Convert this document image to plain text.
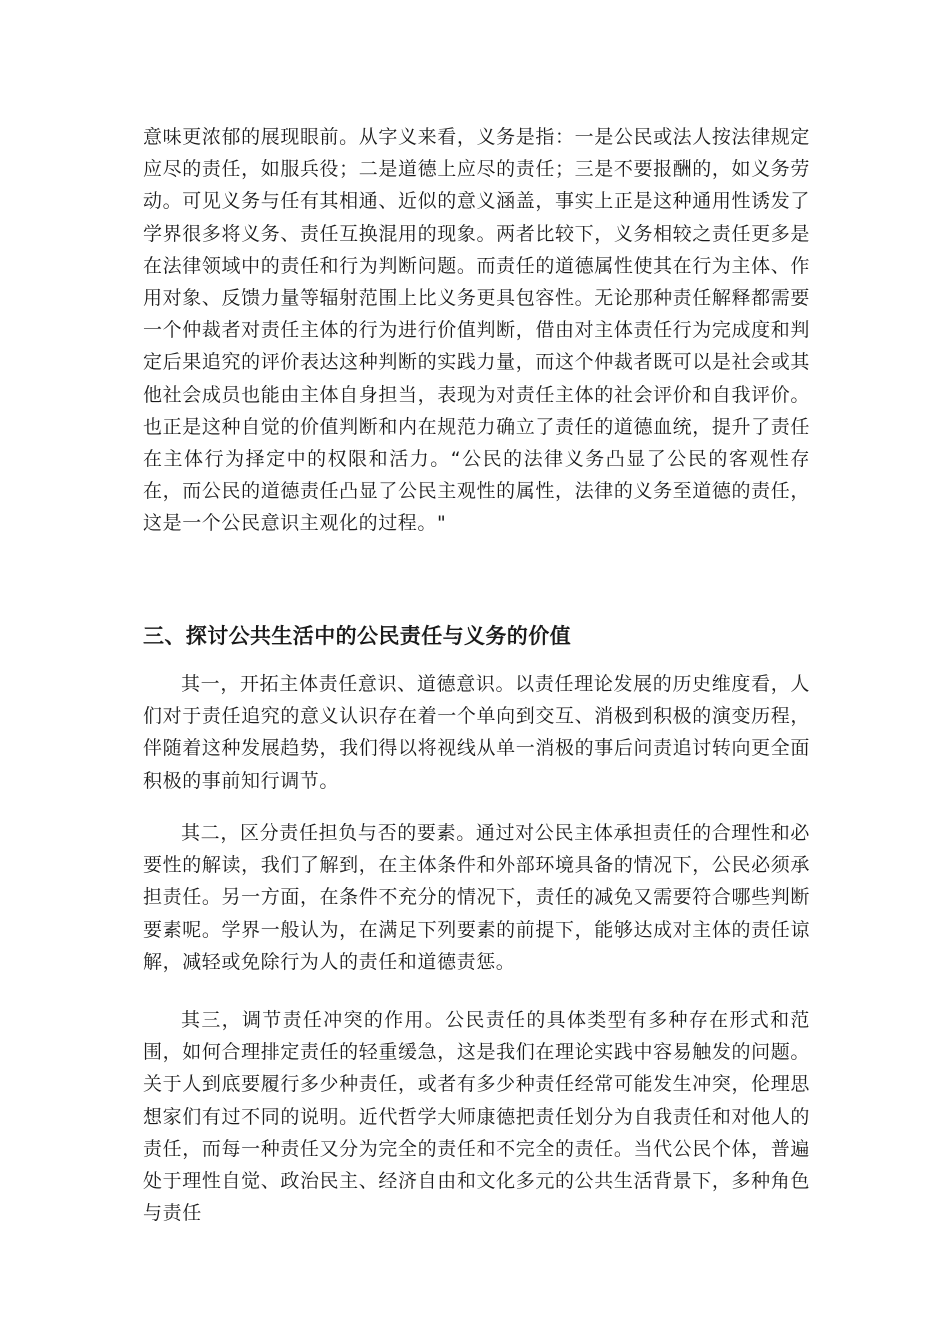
意味更浓郁的展现眼前。从字义来看，义务是指：一是公民或法人按法律规定应尽的责任，如服兵役；二是道德上应尽的责任；三是不要报酬的，如义务劳动。可见义务与任有其相通、近似的意义涵盖，事实上正是这种通用性诱发了学界很多将义务、责任互换混用的现象。两者比较下，义务相较之责任更多是在法律领域中的责任和行为判断问题。而责任的道德属性使其在行为主体、作用对象、反馈力量等辐射范围上比义务更具包容性。无论那种责任解释都需要一个仲裁者对责任主体的行为进行价值判断，借由对主体责任行为完成度和判定后果追究的评价表达这种判断的实践力量，而这个仲裁者既可以是社会或其他社会成员也能由主体自身担当，表现为对责任主体的社会评价和自我评价。也正是这种自觉的价值判断和内在规范力确立了责任的道德血统，提升了责任在主体行为择定中的权限和活力。“公民的法律义务凸显了公民的客观性存在，而公民的道德责任凸显了公民主观性的属性，法律的义务至道德的责任，这是一个公民意识主观化的过程。"

三、探讨公共生活中的公民责任与义务的价值

其一，开拓主体责任意识、道德意识。以责任理论发展的历史维度看，人们对于责任追究的意义认识存在着一个单向到交互、消极到积极的演变历程，伴随着这种发展趋势，我们得以将视线从单一消极的事后问责追讨转向更全面积极的事前知行调节。

其二，区分责任担负与否的要素。通过对公民主体承担责任的合理性和必要性的解读，我们了解到，在主体条件和外部环境具备的情况下，公民必须承担责任。另一方面，在条件不充分的情况下，责任的减免又需要符合哪些判断要素呢。学界一般认为，在满足下列要素的前提下，能够达成对主体的责任谅解，减轻或免除行为人的责任和道德责惩。

其三，调节责任冲突的作用。公民责任的具体类型有多种存在形式和范围，如何合理排定责任的轻重缓急，这是我们在理论实践中容易触发的问题。关于人到底要履行多少种责任，或者有多少种责任经常可能发生冲突，伦理思想家们有过不同的说明。近代哲学大师康德把责任划分为自我责任和对他人的责任，而每一种责任又分为完全的责任和不完全的责任。当代公民个体，普遍处于理性自觉、政治民主、经济自由和文化多元的公共生活背景下，多种角色与责任
